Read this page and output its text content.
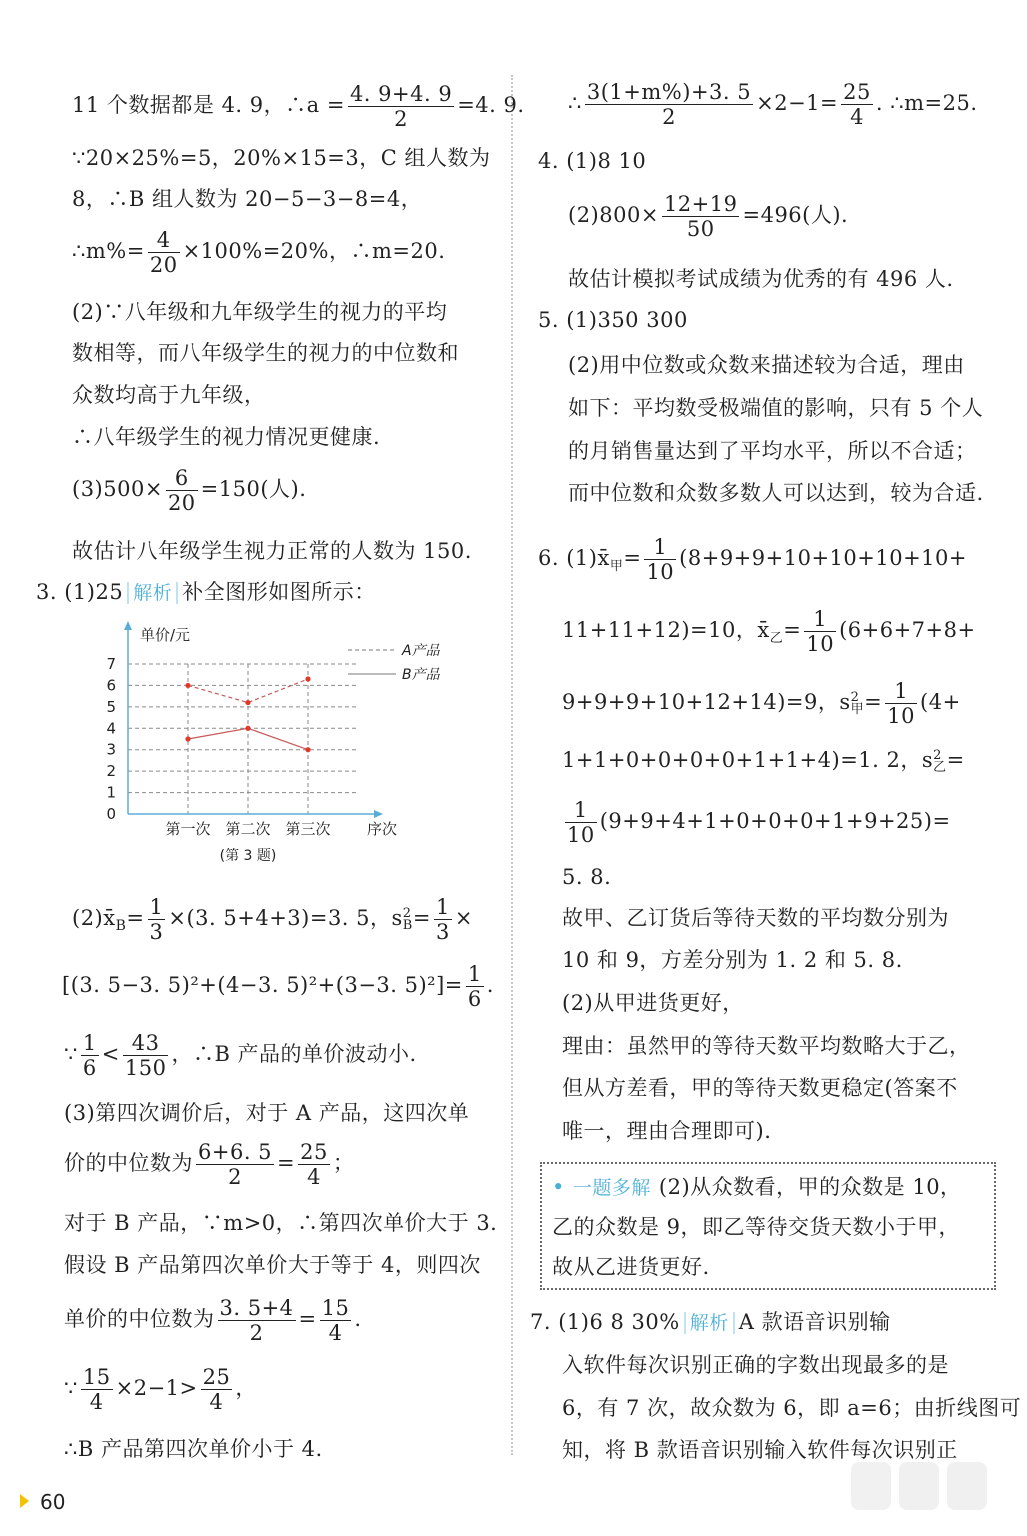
11 个数据都是 4. 9，∴a = $\frac{4. 9+4. 9}{2} =4$. 9.
∵20×25%=5，20%×15=3，C 组人数为
8，∴B 组人数为 20−5−3−8=4，
∴m%= $\frac{4}{20} \times 100\%=20\%$，∴m=20.
(2)∵八年级和九年级学生的视力的平均
数相等，而八年级学生的视力的中位数和
众数均高于九年级，
∴八年级学生的视力情况更健康.
$(3)500\times \frac{6}{20} =150$(人).
故估计八年级学生视力正常的人数为 150.
3. (1)25 解析 补全图形如图所示：
0
1
2
3
4
5
6
7
单价/元
第一次 第二次 第三次 序次
(第 3 题)
A产品
B产品
$(2)x̄_B= \frac{1}{3} \times(3$. 5+4+3)=3. 5，s 2
$B = \frac{1}{3}$ ×
[(3. 5−3. 5)²+(4−3. 5)²+(3−3. $5)^2]= \frac{1}{6}$ .
∵ $\frac{1}{6} < \frac{43}{150}$ ，∴B 产品的单价波动小.
(3)第四次调价后，对于 A 产品，这四次单
价的中位数为 $\frac{6+6. 5}{2} = \frac{25}{4}$ ；
对于 B 产品，∵m>0，∴第四次单价大于 3.
假设 B 产品第四次单价大于等于 4，则四次
单价的中位数为 $\frac{3. 5+4}{2} = \frac{15}{4}$ .
∵ $\frac{15}{4} \times 2-1> \frac{25}{4}$ ，
∴B 产品第四次单价小于 4.
∴ $\frac{3(1+m\%)+3. 5}{2} \times 2-1= \frac{25}{4}$ . ∴m=25.
4. (1)8 10
$(2)800\times \frac{12+19}{50} =496$(人).
故估计模拟考试成绩为优秀的有 496 人.
5. (1)350 300
(2)用中位数或众数来描述较为合适，理由
如下：平均数受极端值的影响，只有 5 个人
的月销售量达到了平均水平，所以不合适；
而中位数和众数多数人可以达到，较为合适.
6. $(1)x̄_甲= \frac{1}{10} (8+9+9+10+10+10+10+$
11+11+12)=10，$x̄_乙= \frac{1}{10} (6+6+7+8+$
9+9+9+10+12+14)=9，s 2
甲 = $\frac{1}{10} (4+$
1+1+0+0+0+0+1+1+4)=1. 2，s 2
乙 =
$\frac{1}{10} (9+9+4+1+0+0+0+1+9+25)=$
5. 8.
故甲、乙订货后等待天数的平均数分别为
10 和 9，方差分别为 1. 2 和 5. 8.
(2)从甲进货更好，
理由：虽然甲的等待天数平均数略大于乙，
但从方差看，甲的等待天数更稳定(答案不
唯一，理由合理即可).
• 一题多解 (2)从众数看，甲的众数是 10，
乙的众数是 9，即乙等待交货天数小于甲，
故从乙进货更好.
7. (1)6 8 30% 解析 A 款语音识别输
入软件每次识别正确的字数出现最多的是
6，有 7 次，故众数为 6，即 a=6；由折线图可
知，将 B 款语音识别输入软件每次识别正
60
